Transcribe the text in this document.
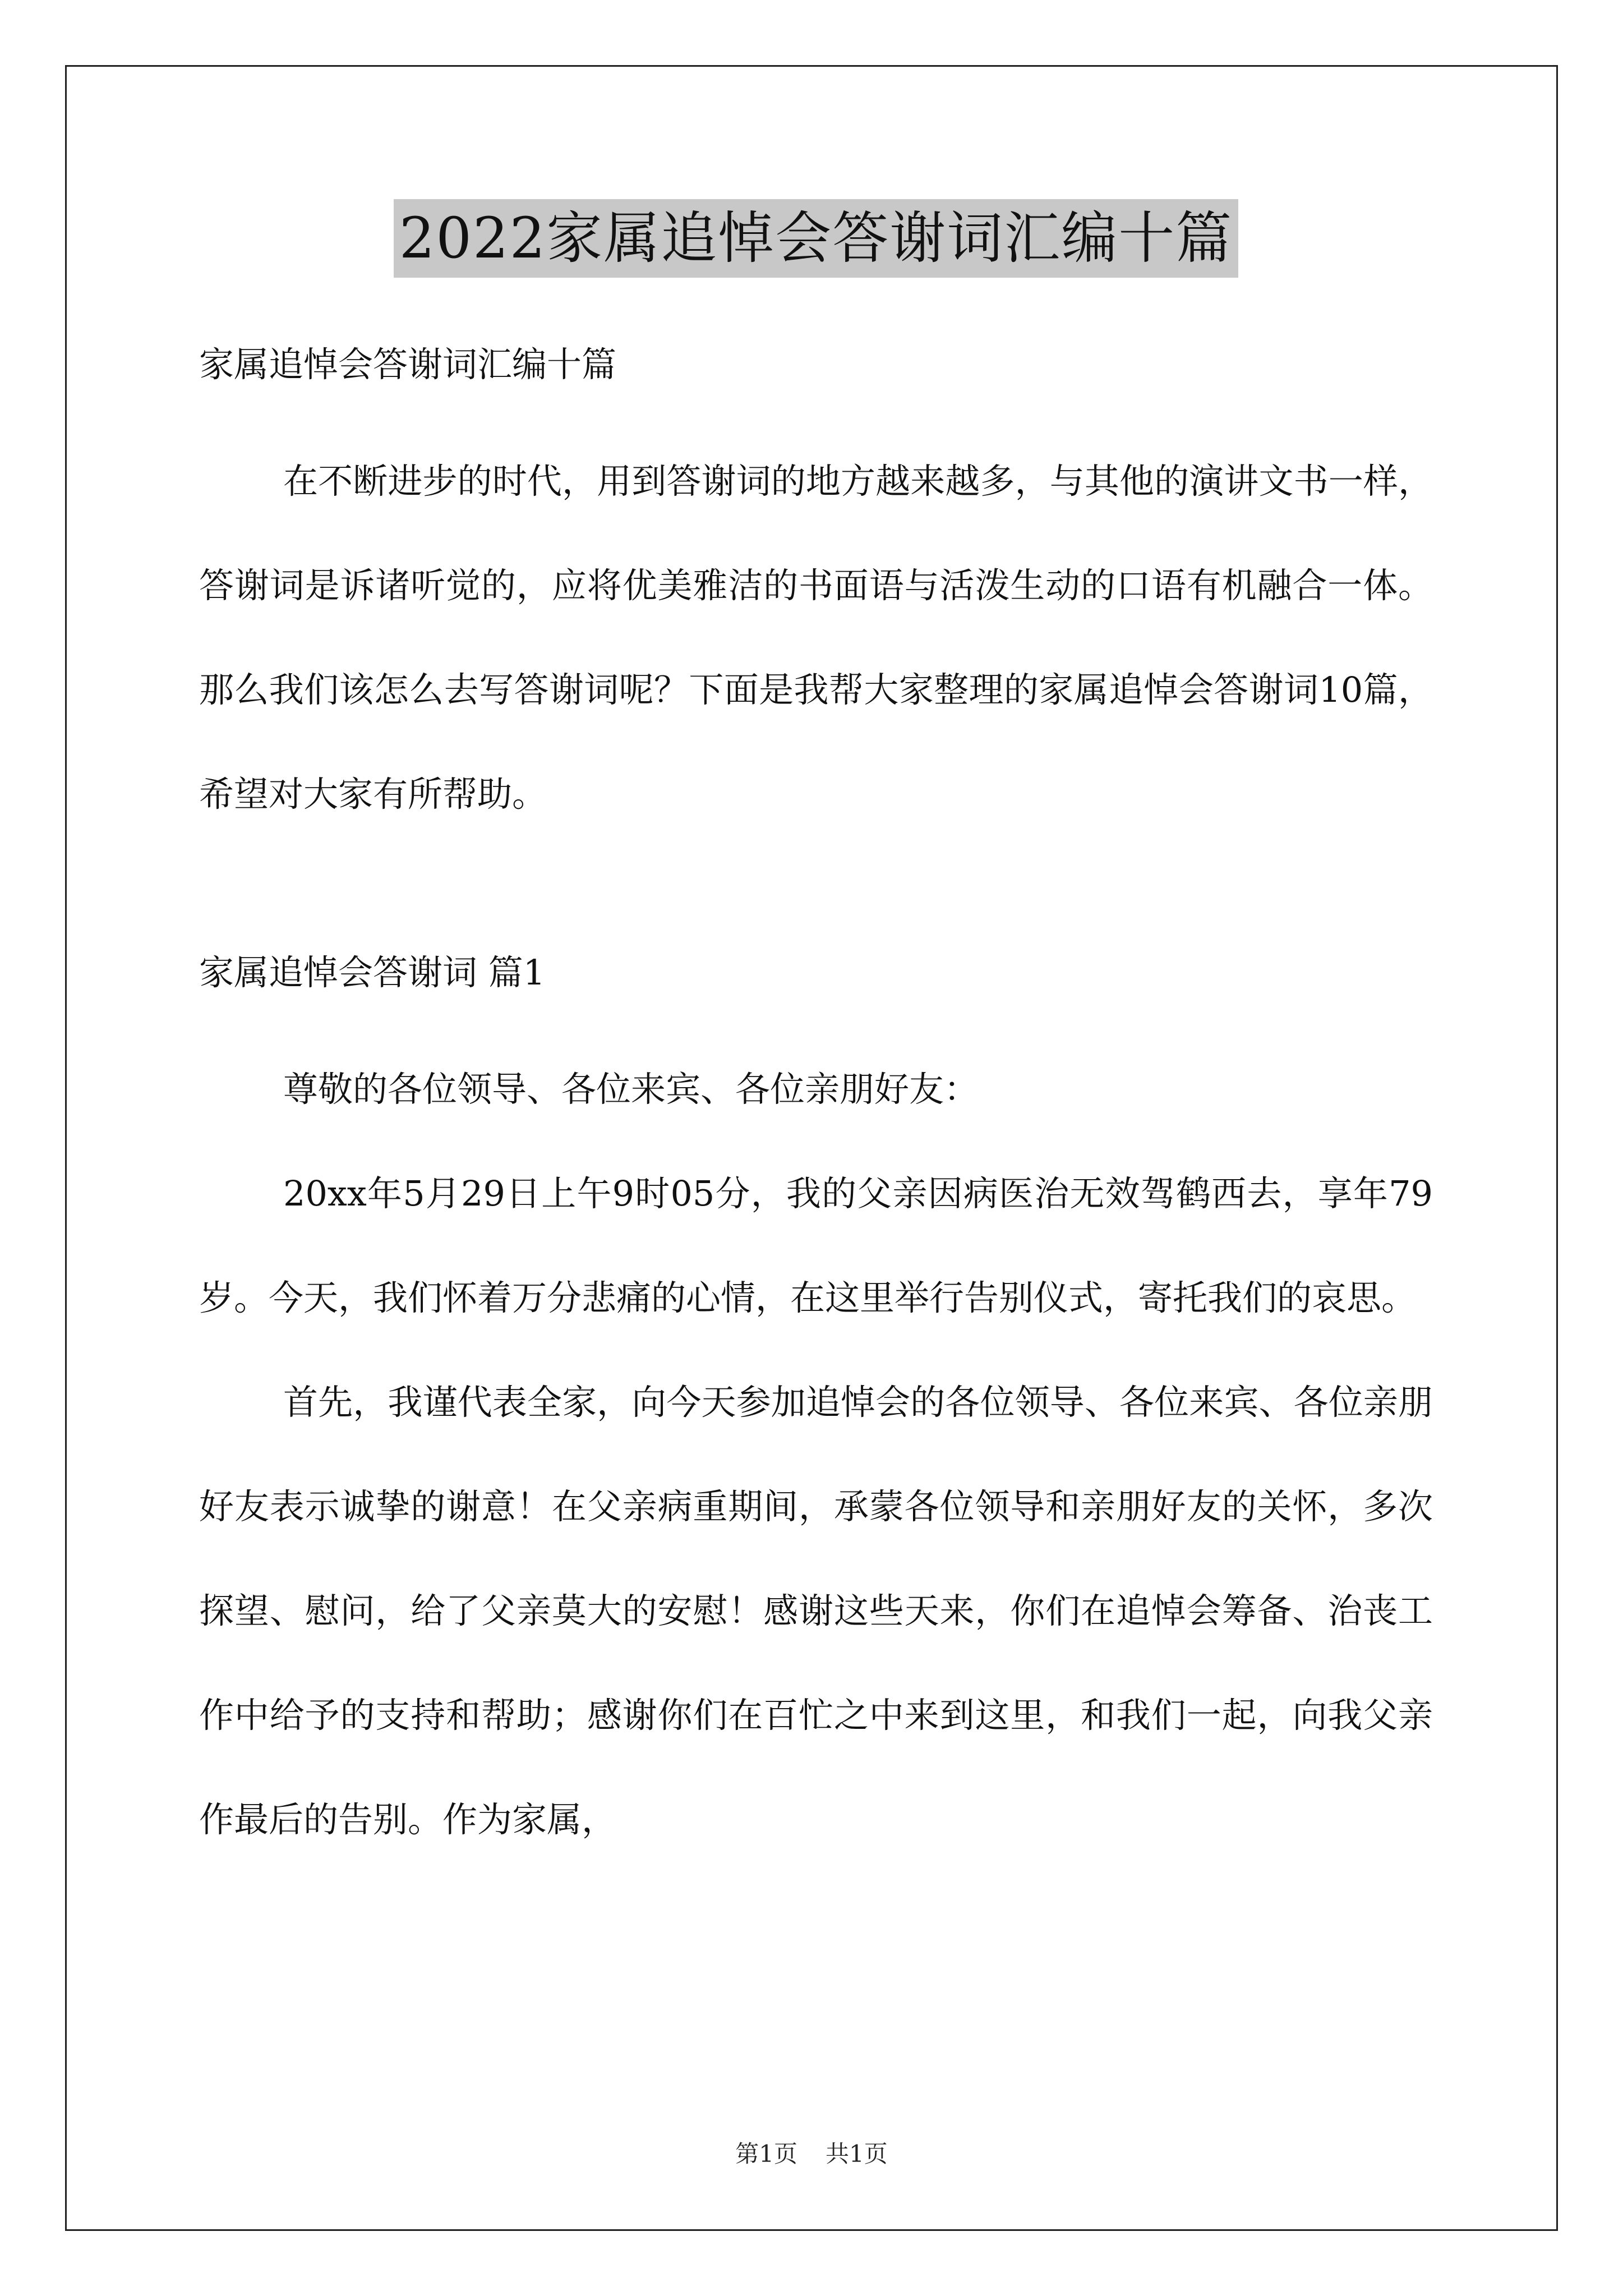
2022家属追悼会答谢词汇编十篇

家属追悼会答谢词汇编十篇

在不断进步的时代，用到答谢词的地方越来越多，与其他的演讲文书一样，答谢词是诉诸听觉的，应将优美雅洁的书面语与活泼生动的口语有机融合一体。那么我们该怎么去写答谢词呢？下面是我帮大家整理的家属追悼会答谢词10篇，希望对大家有所帮助。

家属追悼会答谢词 篇1

尊敬的各位领导、各位来宾、各位亲朋好友：

20xx年5月29日上午9时05分，我的父亲因病医治无效驾鹤西去，享年79岁。今天，我们怀着万分悲痛的心情，在这里举行告别仪式，寄托我们的哀思。

首先，我谨代表全家，向今天参加追悼会的各位领导、各位来宾、各位亲朋好友表示诚挚的谢意！在父亲病重期间，承蒙各位领导和亲朋好友的关怀，多次探望、慰问，给了父亲莫大的安慰！感谢这些天来，你们在追悼会筹备、治丧工作中给予的支持和帮助；感谢你们在百忙之中来到这里，和我们一起，向我父亲作最后的告别。作为家属，

第1页 共1页
